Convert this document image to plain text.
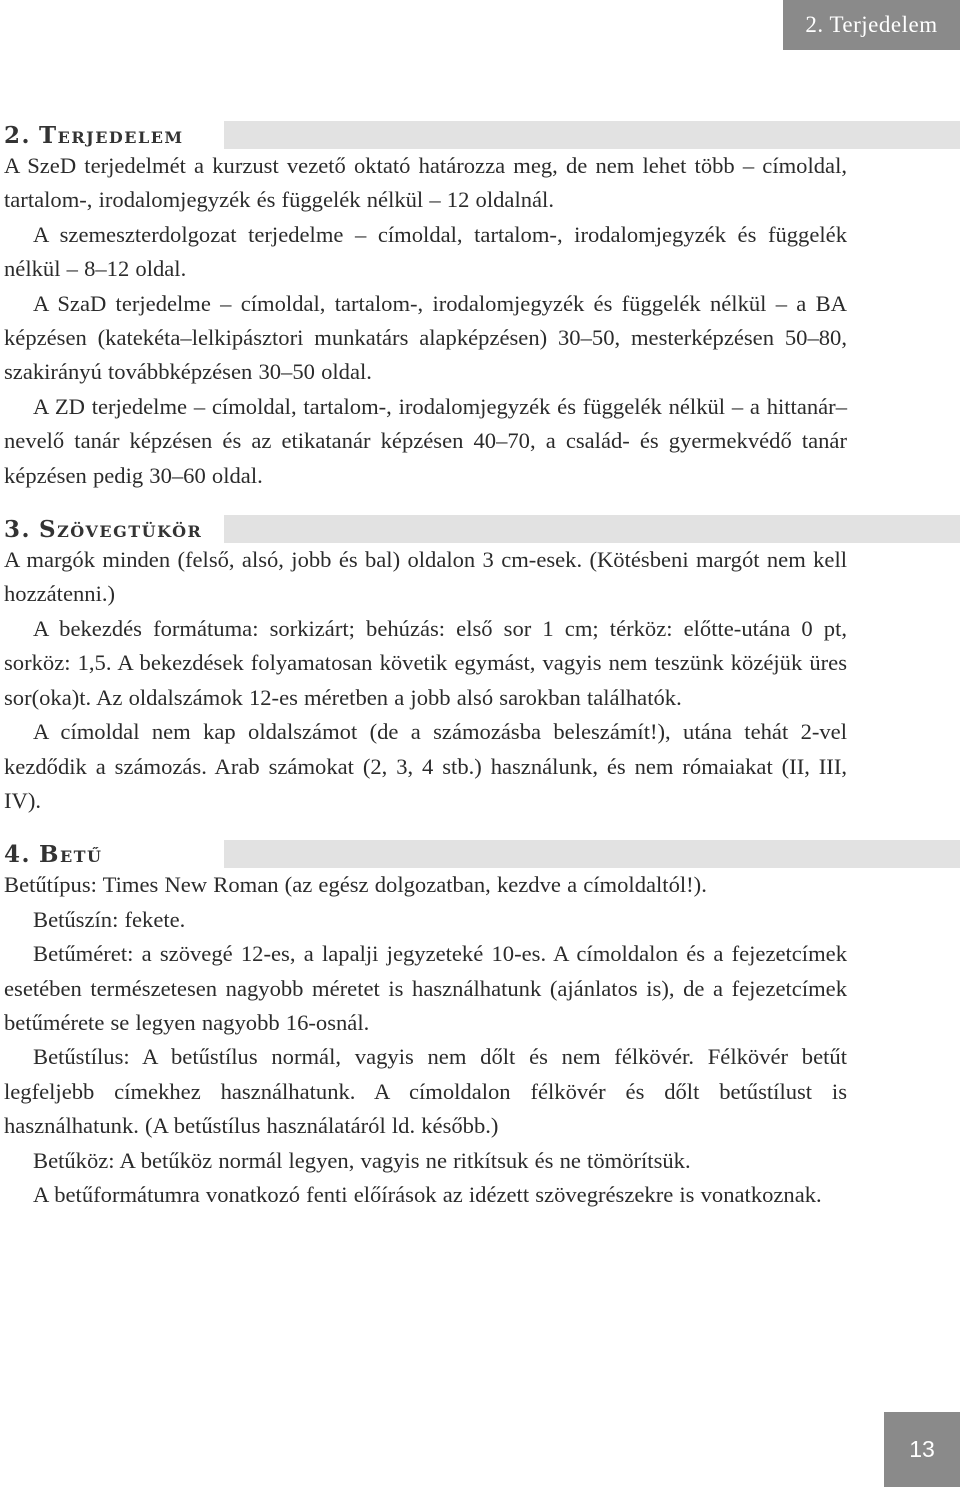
2. Terjedelem
2. Terjedelem

A SzeD terjedelmét a kurzust vezető oktató határozza meg, de nem lehet több – címoldal, tartalom-, irodalomjegyzék és függelék nélkül – 12 oldalnál.

A szemeszterdolgozat terjedelme – címoldal, tartalom-, irodalomjegyzék és függelék nélkül – 8–12 oldal.

A SzaD terjedelme – címoldal, tartalom-, irodalomjegyzék és függelék nélkül – a BA képzésen (katekéta–lelkipásztori munkatárs alapképzésen) 30–50, mesterképzésen 50–80, szakirányú továbbképzésen 30–50 oldal.

A ZD terjedelme – címoldal, tartalom-, irodalomjegyzék és függelék nélkül – a hittanár–nevelő tanár képzésen és az etikatanár képzésen 40–70, a család- és gyermekvédő tanár képzésen pedig 30–60 oldal.

3. Szövegtükör

A margók minden (felső, alsó, jobb és bal) oldalon 3 cm-esek. (Kötésbeni margót nem kell hozzátenni.)

A bekezdés formátuma: sorkizárt; behúzás: első sor 1 cm; térköz: előtte-utána 0 pt, sorköz: 1,5. A bekezdések folyamatosan követik egymást, vagyis nem teszünk közéjük üres sor(oka)t. Az oldalszámok 12-es méretben a jobb alsó sarokban találhatók.

A címoldal nem kap oldalszámot (de a számozásba beleszámít!), utána tehát 2-vel kezdődik a számozás. Arab számokat (2, 3, 4 stb.) használunk, és nem rómaiakat (II, III, IV).

4. Betű

Betűtípus: Times New Roman (az egész dolgozatban, kezdve a címoldaltól!).

Betűszín: fekete.

Betűméret: a szövegé 12-es, a lapalji jegyzeteké 10-es. A címoldalon és a fejezetcímek esetében természetesen nagyobb méretet is használhatunk (ajánlatos is), de a fejezetcímek betűmérete se legyen nagyobb 16-osnál.

Betűstílus: A betűstílus normál, vagyis nem dőlt és nem félkövér. Félkövér betűt legfeljebb címekhez használhatunk. A címoldalon félkövér és dőlt betűstílust is használhatunk. (A betűstílus használatáról ld. később.)

Betűköz: A betűköz normál legyen, vagyis ne ritkítsuk és ne tömörítsük.

A betűformátumra vonatkozó fenti előírások az idézett szövegrészekre is vonatkoznak.

13
